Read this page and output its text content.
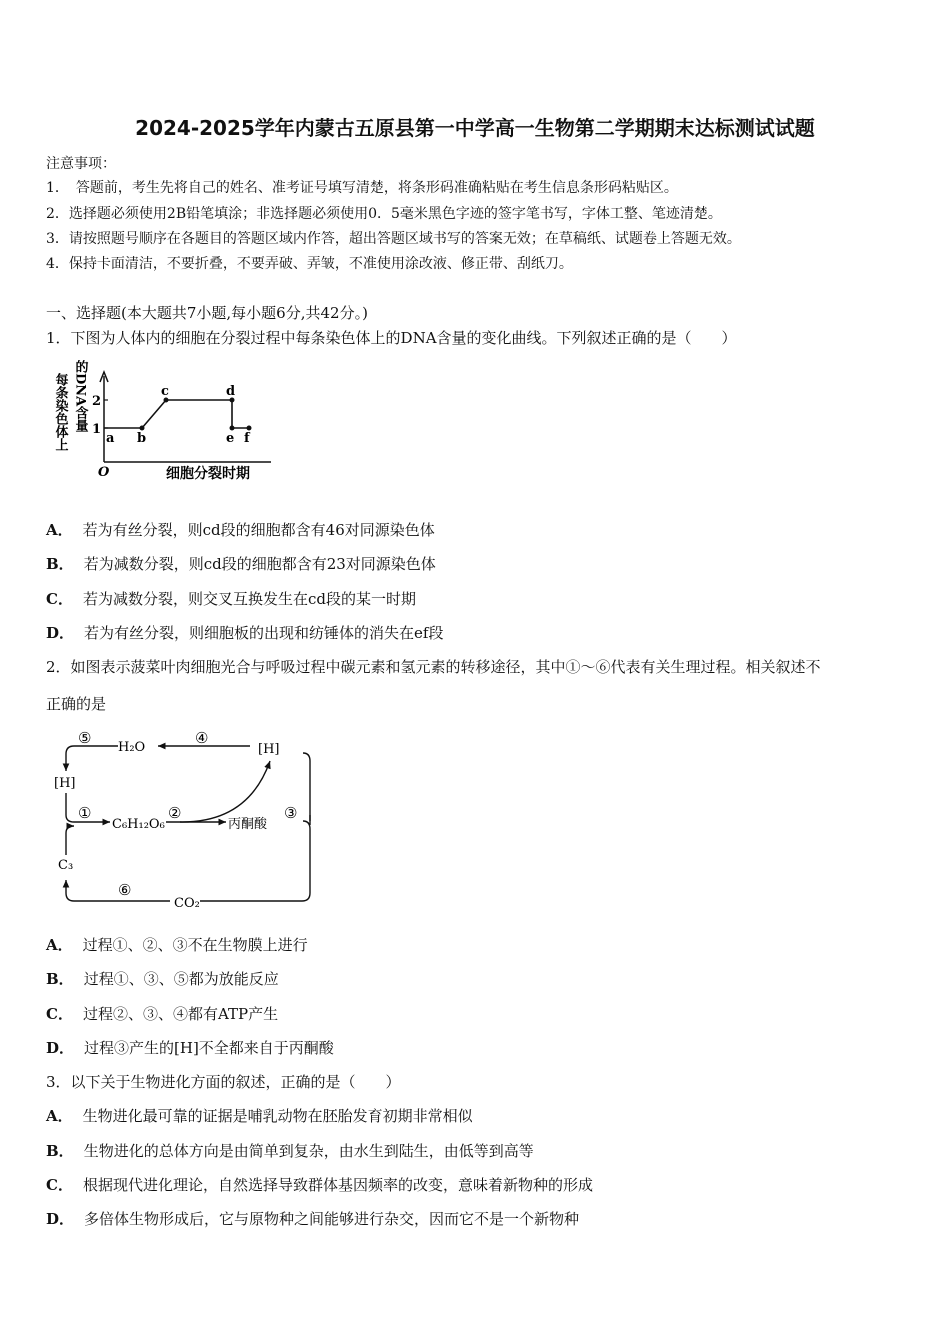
2024-2025学年内蒙古五原县第一中学高一生物第二学期期末达标测试试题
注意事项：
1．　答题前，考生先将自己的姓名、准考证号填写清楚，将条形码准确粘贴在考生信息条形码粘贴区。
2．选择题必须使用2B铅笔填涂；非选择题必须使用0．5毫米黑色字迹的签字笔书写，字体工整、笔迹清楚。
3．请按照题号顺序在各题目的答题区域内作答，超出答题区域书写的答案无效；在草稿纸、试题卷上答题无效。
4．保持卡面清洁，不要折叠，不要弄破、弄皱，不准使用涂改液、修正带、刮纸刀。
一、选择题(本大题共7小题,每小题6分,共42分。)
1．下图为人体内的细胞在分裂过程中每条染色体上的DNA含量的变化曲线。下列叙述正确的是（　　）
每条染色体上 的DNA含量 2
1
a b
c	d
e f
O	细胞分裂时期
A． 若为有丝分裂，则cd段的细胞都含有46对同源染色体
B． 若为减数分裂，则cd段的细胞都含有23对同源染色体
C． 若为减数分裂，则交叉互换发生在cd段的某一时期
D． 若为有丝分裂，则细胞板的出现和纺锤体的消失在ef段
2．如图表示菠菜叶肉细胞光合与呼吸过程中碳元素和氢元素的转移途径，其中①～⑥代表有关生理过程。相关叙述不
正确的是
H₂O	[H]
[H]
C₆H₁₂O₆	丙酮酸
C₃
CO₂
⑤	④
①	②	③
⑥
A． 过程①、②、③不在生物膜上进行
B． 过程①、③、⑤都为放能反应
C． 过程②、③、④都有ATP产生
D． 过程③产生的[H]不全都来自于丙酮酸
3．以下关于生物进化方面的叙述，正确的是（　　）
A． 生物进化最可靠的证据是哺乳动物在胚胎发育初期非常相似
B． 生物进化的总体方向是由简单到复杂，由水生到陆生，由低等到高等
C． 根据现代进化理论，自然选择导致群体基因频率的改变，意味着新物种的形成
D． 多倍体生物形成后，它与原物种之间能够进行杂交，因而它不是一个新物种
